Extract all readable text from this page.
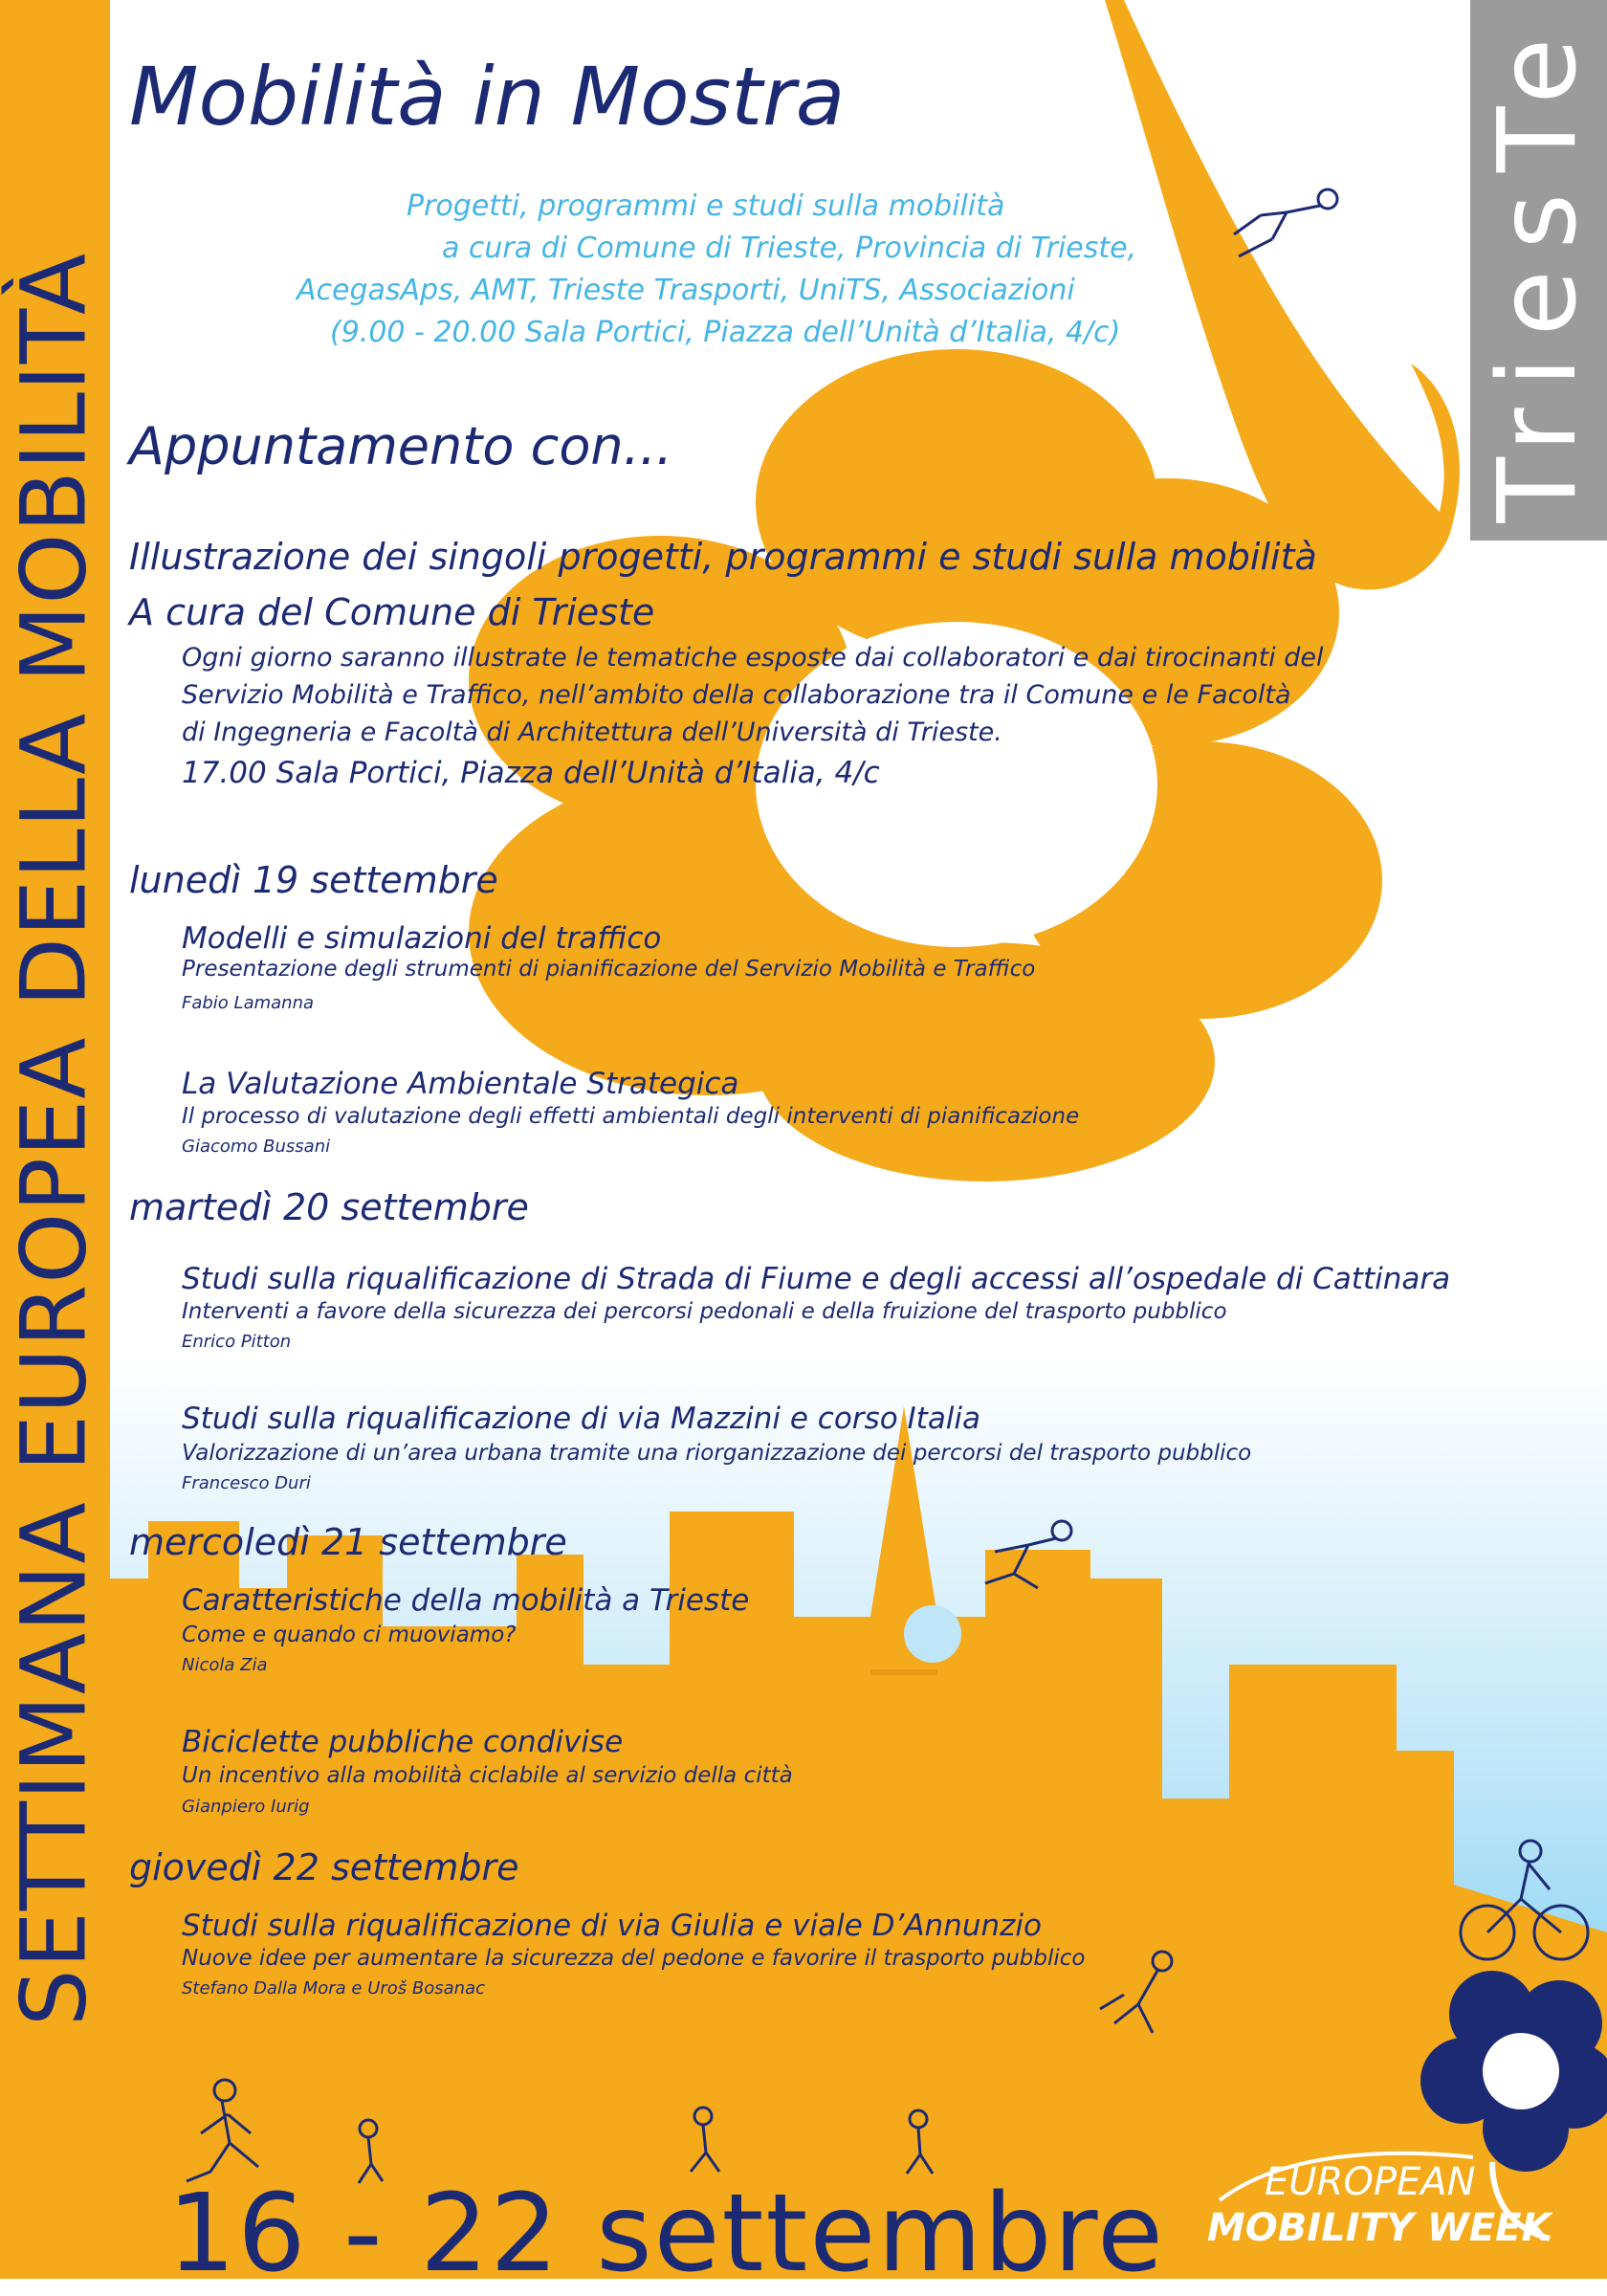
SETTIMANA EUROPEA DELLA MOBILITÀ	TriesTe
Mobilità in Mostra
Progetti, programmi e studi sulla mobilità
a cura di Comune di Trieste, Provincia di Trieste,
AcegasAps, AMT, Trieste Trasporti, UniTS, Associazioni
(9.00 - 20.00 Sala Portici, Piazza dell’Unità d’Italia, 4/c)
Appuntamento con...
Illustrazione dei singoli progetti, programmi e studi sulla mobilità
A cura del Comune di Trieste
Ogni giorno saranno illustrate le tematiche esposte dai collaboratori e dai tirocinanti del
Servizio Mobilità e Traffico, nell’ambito della collaborazione tra il Comune e le Facoltà
di Ingegneria e Facoltà di Architettura dell’Università di Trieste.
17.00 Sala Portici, Piazza dell’Unità d’Italia, 4/c
lunedì 19 settembre
Modelli e simulazioni del traffico
Presentazione degli strumenti di pianificazione del Servizio Mobilità e Traffico
Fabio Lamanna
La Valutazione Ambientale Strategica
Il processo di valutazione degli effetti ambientali degli interventi di pianificazione
Giacomo Bussani
martedì 20 settembre
Studi sulla riqualificazione di Strada di Fiume e degli accessi all’ospedale di Cattinara
Interventi a favore della sicurezza dei percorsi pedonali e della fruizione del trasporto pubblico
Enrico Pitton
Studi sulla riqualificazione di via Mazzini e corso Italia
Valorizzazione di un’area urbana tramite una riorganizzazione dei percorsi del trasporto pubblico
Francesco Duri
mercoledì 21 settembre
Caratteristiche della mobilità a Trieste
Come e quando ci muoviamo?
Nicola Zia
Biciclette pubbliche condivise
Un incentivo alla mobilità ciclabile al servizio della città
Gianpiero Iurig
giovedì 22 settembre
Studi sulla riqualificazione di via Giulia e viale D’Annunzio
Nuove idee per aumentare la sicurezza del pedone e favorire il trasporto pubblico
Stefano Dalla Mora e Uroš Bosanac
16 - 22 settembre	EUROPEAN
MOBILITY WEEK
